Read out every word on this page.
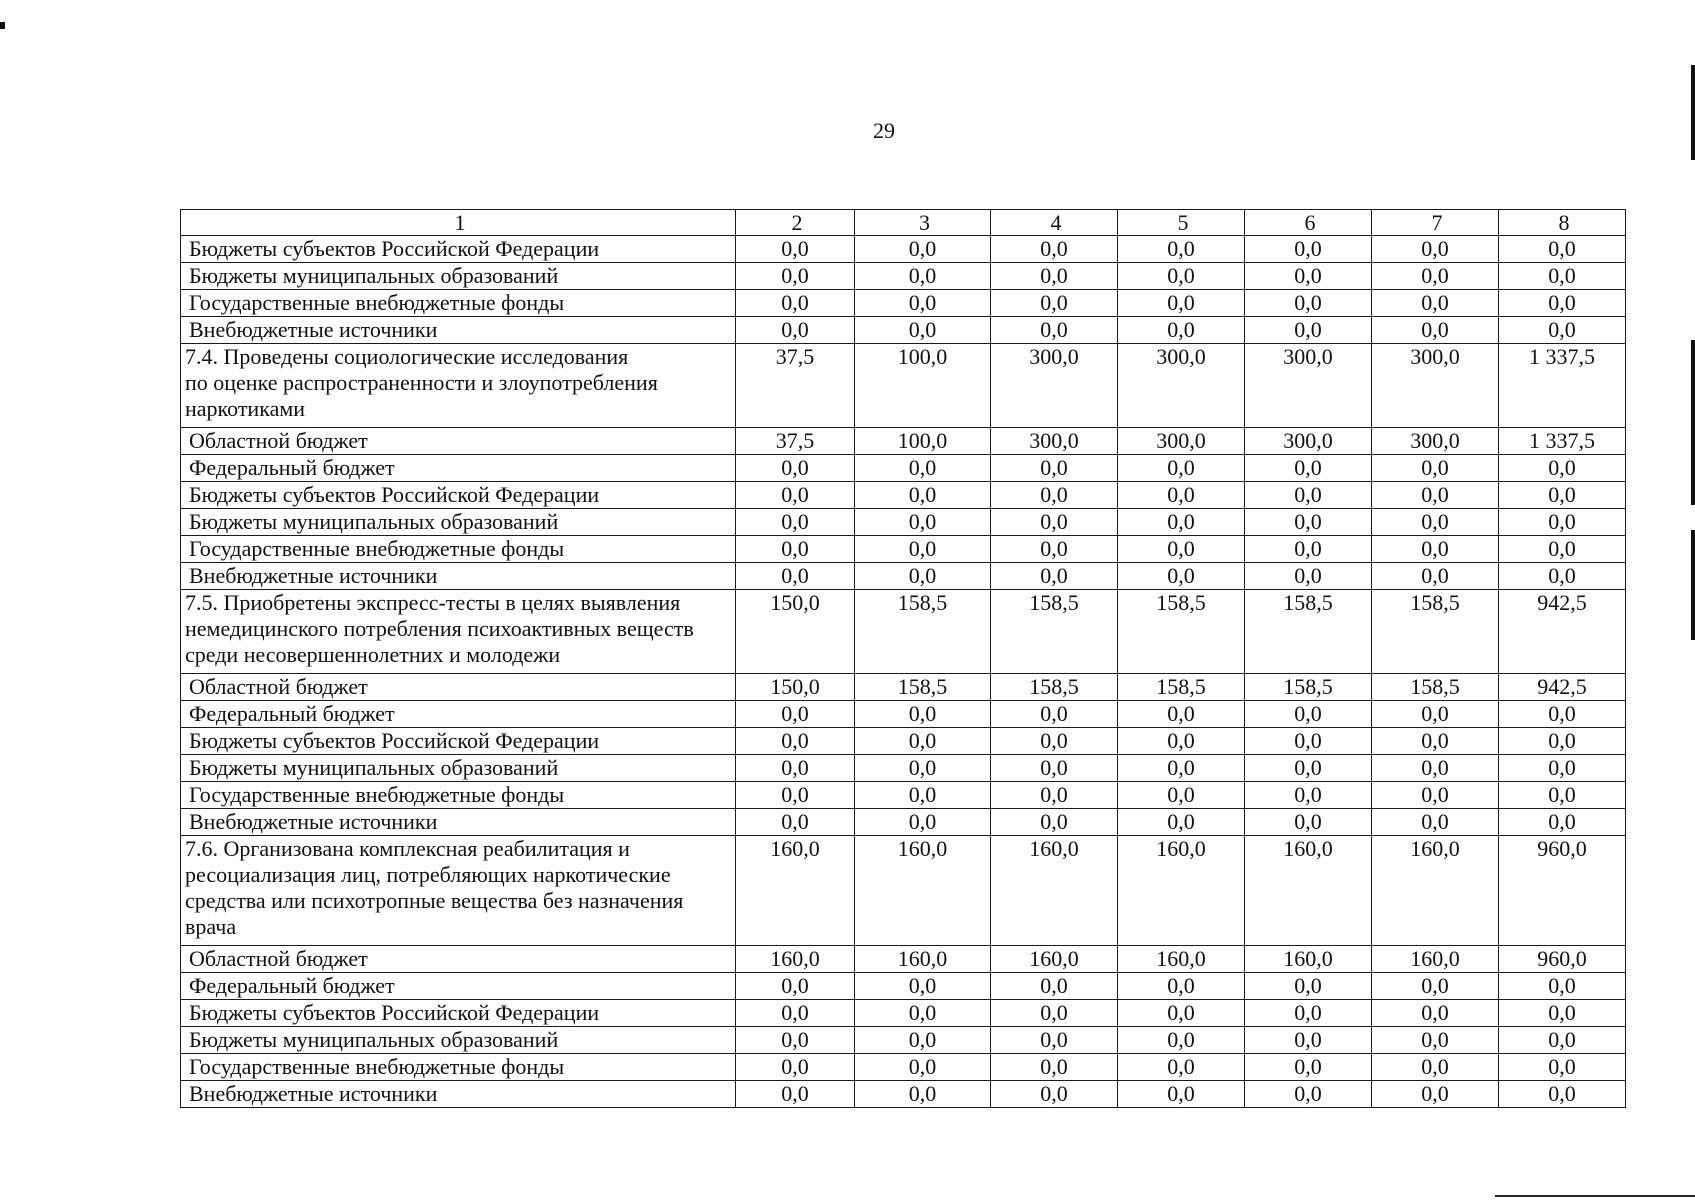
29
1	2	3	4	5	6	7	8
Бюджеты субъектов Российской Федерации	0,0	0,0	0,0	0,0	0,0	0,0	0,0
Бюджеты муниципальных образований	0,0	0,0	0,0	0,0	0,0	0,0	0,0
Государственные внебюджетные фонды	0,0	0,0	0,0	0,0	0,0	0,0	0,0
Внебюджетные источники	0,0	0,0	0,0	0,0	0,0	0,0	0,0
7.4. Проведены социологические исследования
по оценке распространенности и злоупотребления
наркотиками	37,5	100,0	300,0	300,0	300,0	300,0	1 337,5
Областной бюджет	37,5	100,0	300,0	300,0	300,0	300,0	1 337,5
Федеральный бюджет	0,0	0,0	0,0	0,0	0,0	0,0	0,0
Бюджеты субъектов Российской Федерации	0,0	0,0	0,0	0,0	0,0	0,0	0,0
Бюджеты муниципальных образований	0,0	0,0	0,0	0,0	0,0	0,0	0,0
Государственные внебюджетные фонды	0,0	0,0	0,0	0,0	0,0	0,0	0,0
Внебюджетные источники	0,0	0,0	0,0	0,0	0,0	0,0	0,0
7.5. Приобретены экспресс-тесты в целях выявления
немедицинского потребления психоактивных веществ
среди несовершеннолетних и молодежи	150,0	158,5	158,5	158,5	158,5	158,5	942,5
Областной бюджет	150,0	158,5	158,5	158,5	158,5	158,5	942,5
Федеральный бюджет	0,0	0,0	0,0	0,0	0,0	0,0	0,0
Бюджеты субъектов Российской Федерации	0,0	0,0	0,0	0,0	0,0	0,0	0,0
Бюджеты муниципальных образований	0,0	0,0	0,0	0,0	0,0	0,0	0,0
Государственные внебюджетные фонды	0,0	0,0	0,0	0,0	0,0	0,0	0,0
Внебюджетные источники	0,0	0,0	0,0	0,0	0,0	0,0	0,0
7.6. Организована комплексная реабилитация и
ресоциализация лиц, потребляющих наркотические
средства или психотропные вещества без назначения
врача	160,0	160,0	160,0	160,0	160,0	160,0	960,0
Областной бюджет	160,0	160,0	160,0	160,0	160,0	160,0	960,0
Федеральный бюджет	0,0	0,0	0,0	0,0	0,0	0,0	0,0
Бюджеты субъектов Российской Федерации	0,0	0,0	0,0	0,0	0,0	0,0	0,0
Бюджеты муниципальных образований	0,0	0,0	0,0	0,0	0,0	0,0	0,0
Государственные внебюджетные фонды	0,0	0,0	0,0	0,0	0,0	0,0	0,0
Внебюджетные источники	0,0	0,0	0,0	0,0	0,0	0,0	0,0
